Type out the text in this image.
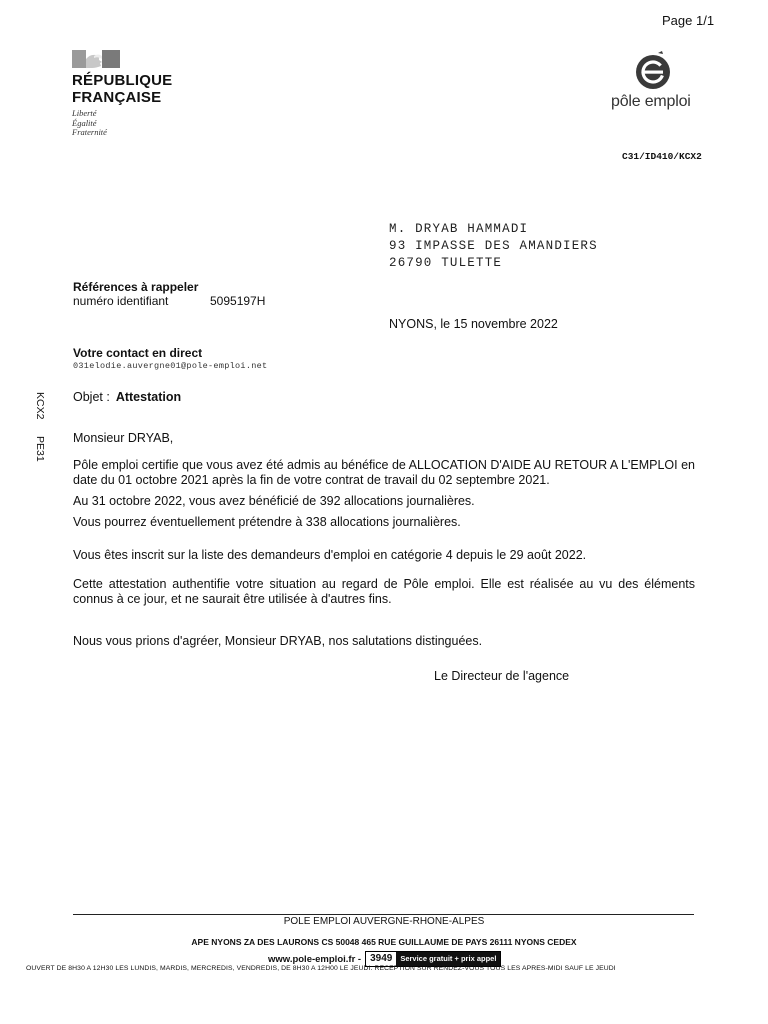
Page 1/1
RÉPUBLIQUE
FRANÇAISE
Liberté
Égalité
Fraternité
pôle emploi
C31/ID410/KCX2
M. DRYAB HAMMADI
93 IMPASSE DES AMANDIERS
26790 TULETTE
Références à rappeler
numéro identifiant	5095197H
NYONS, le 15 novembre 2022
Votre contact en direct
031elodie.auvergne01@pole-emploi.net
KCX2
PE31
Objet : Attestation
Monsieur DRYAB,
Pôle emploi certifie que vous avez été admis au bénéfice de ALLOCATION D'AIDE AU RETOUR A L'EMPLOI en date du 01 octobre 2021 après la fin de votre contrat de travail du 02 septembre 2021.
Au 31 octobre 2022, vous avez bénéficié de 392 allocations journalières.
Vous pourrez éventuellement prétendre à 338 allocations journalières.
Vous êtes inscrit sur la liste des demandeurs d'emploi en catégorie 4 depuis le 29 août 2022.
Cette attestation authentifie votre situation au regard de Pôle emploi. Elle est réalisée au vu des éléments connus à ce jour, et ne saurait être utilisée à d'autres fins.
Nous vous prions d'agréer, Monsieur DRYAB, nos salutations distinguées.
Le Directeur de l'agence
POLE EMPLOI AUVERGNE-RHONE-ALPES
APE NYONS ZA DES LAURONS CS 50048 465 RUE GUILLAUME DE PAYS 26111 NYONS CEDEX
www.pole-emploi.fr - 3949	Service gratuit + prix appel
OUVERT DE 8H30 A 12H30 LES LUNDIS, MARDIS, MERCREDIS, VENDREDIS, DE 8H30 A 12H00 LE JEUDI. RECEPTION SUR RENDEZ-VOUS TOUS LES APRES-MIDI SAUF LE JEUDI
